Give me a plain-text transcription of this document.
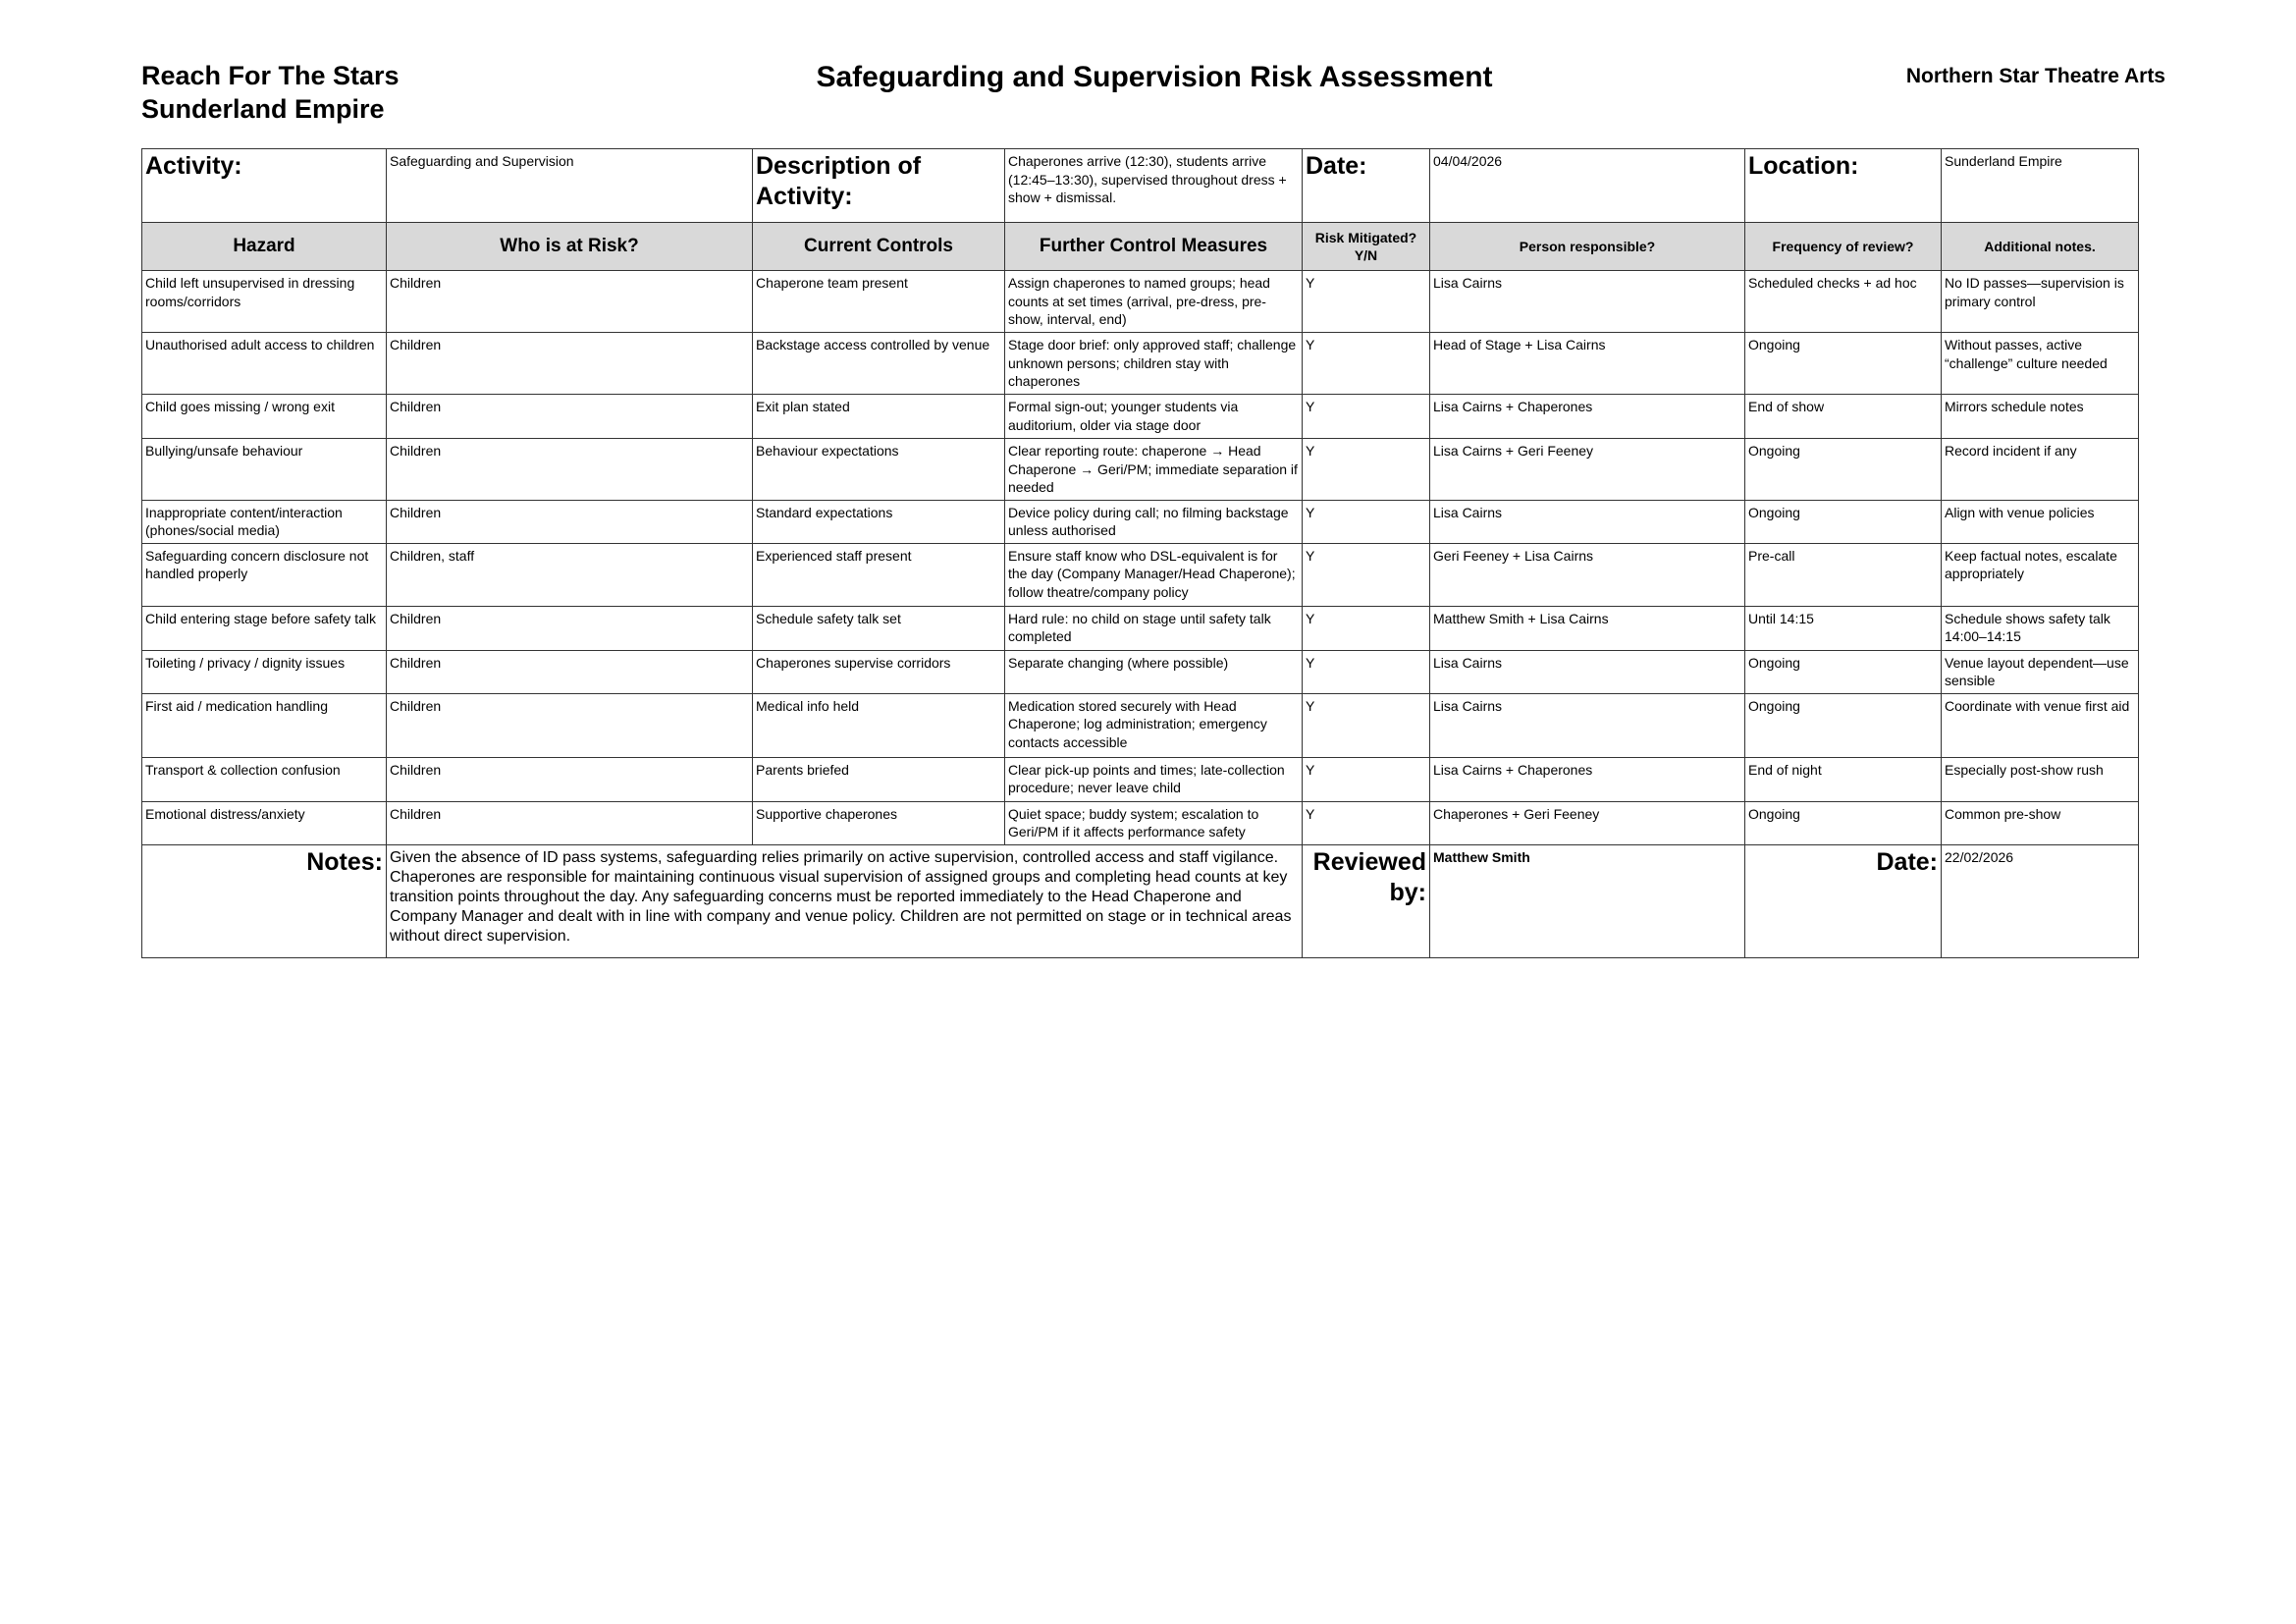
Reach For The Stars
Sunderland Empire
Safeguarding and Supervision Risk Assessment	Northern Star Theatre Arts
Activity:	Safeguarding and Supervision	Description of Activity:	Chaperones arrive (12:30), students arrive (12:45–13:30), supervised throughout dress + show + dismissal.	Date:	04/04/2026	Location:	Sunderland Empire
Hazard	Who is at Risk?	Current Controls	Further Control Measures	Risk Mitigated? Y/N	Person responsible?	Frequency of review?	Additional notes.
Child left unsupervised in dressing rooms/corridors	Children	Chaperone team present	Assign chaperones to named groups; head counts at set times (arrival, pre-dress, pre-show, interval, end)	Y	Lisa Cairns	Scheduled checks + ad hoc	No ID passes—supervision is primary control
Unauthorised adult access to children	Children	Backstage access controlled by venue	Stage door brief: only approved staff; challenge unknown persons; children stay with chaperones	Y	Head of Stage + Lisa Cairns	Ongoing	Without passes, active “challenge” culture needed
Child goes missing / wrong exit	Children	Exit plan stated	Formal sign-out; younger students via auditorium, older via stage door	Y	Lisa Cairns + Chaperones	End of show	Mirrors schedule notes
Bullying/unsafe behaviour	Children	Behaviour expectations	Clear reporting route: chaperone → Head Chaperone → Geri/PM; immediate separation if needed	Y	Lisa Cairns + Geri Feeney	Ongoing	Record incident if any
Inappropriate content/interaction (phones/social media)	Children	Standard expectations	Device policy during call; no filming backstage unless authorised	Y	Lisa Cairns	Ongoing	Align with venue policies
Safeguarding concern disclosure not handled properly	Children, staff	Experienced staff present	Ensure staff know who DSL-equivalent is for the day (Company Manager/Head Chaperone); follow theatre/company policy	Y	Geri Feeney + Lisa Cairns	Pre-call	Keep factual notes, escalate appropriately
Child entering stage before safety talk	Children	Schedule safety talk set	Hard rule: no child on stage until safety talk completed	Y	Matthew Smith + Lisa Cairns	Until 14:15	Schedule shows safety talk 14:00–14:15
Toileting / privacy / dignity issues	Children	Chaperones supervise corridors	Separate changing (where possible)	Y	Lisa Cairns	Ongoing	Venue layout dependent—use sensible
First aid / medication handling	Children	Medical info held	Medication stored securely with Head Chaperone; log administration; emergency contacts accessible	Y	Lisa Cairns	Ongoing	Coordinate with venue first aid
Transport & collection confusion	Children	Parents briefed	Clear pick-up points and times; late-collection procedure; never leave child	Y	Lisa Cairns + Chaperones	End of night	Especially post-show rush
Emotional distress/anxiety	Children	Supportive chaperones	Quiet space; buddy system; escalation to Geri/PM if it affects performance safety	Y	Chaperones + Geri Feeney	Ongoing	Common pre-show
Notes:	Given the absence of ID pass systems, safeguarding relies primarily on active supervision, controlled access and staff vigilance. Chaperones are responsible for maintaining continuous visual supervision of assigned groups and completing head counts at key transition points throughout the day. Any safeguarding concerns must be reported immediately to the Head Chaperone and Company Manager and dealt with in line with company and venue policy. Children are not permitted on stage or in technical areas without direct supervision.			Reviewed by:	Matthew Smith	Date:	22/02/2026
